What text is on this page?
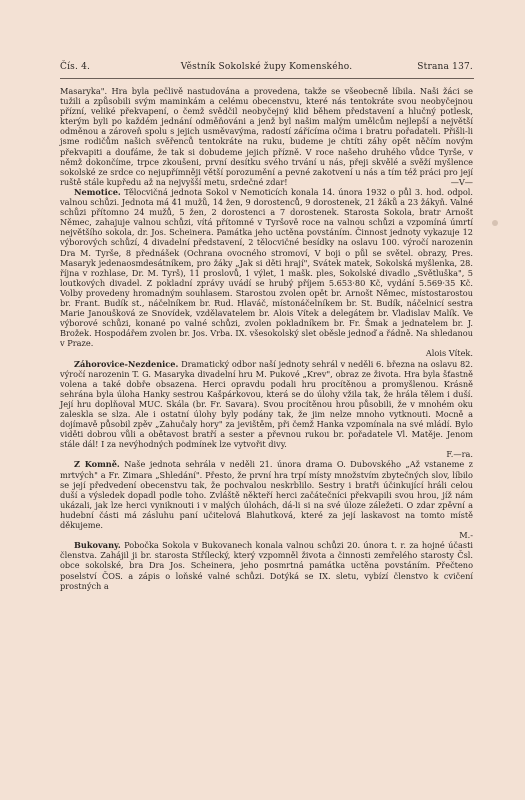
Čís. 4.	Věstník Sokolské župy Komenského.	Strana 137.

Masaryka". Hra byla pečlivě nastudována a provedena, takže se všeobecně líbila. Naši žáci se tužili a způsobili svým maminkám a celému obecenstvu, které nás tentokráte svou neobyčejnou přízní, veliké překvapení, o čemž svědčil neobyčejný klid během představení a hlučný potlesk, kterým byli po každém jednání odměňováni a jenž byl našim malým umělcům nejlepší a největší odměnou a zároveň spolu s jejich usměvavýma, radostí zářícíma očima i bratru pořadateli. Přišli-li jsme rodičům našich svěřenců tentokráte na ruku, budeme je chtíti záhy opět něčím novým překvapiti a doufáme, že tak si dobudeme jejich přízně. V roce našeho druhého vůdce Tyrše, v němž dokončíme, trpce zkoušeni, první desítku svého trvání u nás, přeji skvělé a svěží myšlence sokolské ze srdce co nejupřímněji větší porozumění a pevné zakotvení u nás a tím též práci pro její ruště stále kupředu až na nejvyšší metu, srdečné zdar!	—V—

Nemotice. Tělocvičná jednota Sokol v Nemoticích konala 14. února 1932 o půl 3. hod. odpol. valnou schůzi. Jednota má 41 mužů, 14 žen, 9 dorostenců, 9 dorostenek, 21 žáků a 23 žákyň. Valné schůzi přítomno 24 mužů, 5 žen, 2 dorostenci a 7 dorostenek. Starosta Sokola, bratr Arnošt Němec, zahajuje valnou schůzi, vítá přítomné v Tyršově roce na valnou schůzi a vzpomíná úmrtí největšího sokola, dr. Jos. Scheinera. Památka jeho uctěna povstáním. Činnost jednoty vykazuje 12 výborových schůzí, 4 divadelní představení, 2 tělocvičné besídky na oslavu 100. výročí narozenin Dra M. Tyrše, 8 přednášek (Ochrana ovocného stromoví, V boji o půl se světel. obrazy, Pres. Masaryk jedenaosmdesátníkem, pro žáky „Jak si děti hrají", Svátek matek, Sokolská myšlenka, 28. října v rozhlase, Dr. M. Tyrš), 11 proslovů, 1 výlet, 1 mašk. ples, Sokolské divadlo „Světluška", 5 loutkových divadel. Z pokladní zprávy uvádí se hrubý příjem 5.653·80 Kč, vydání 5.569·35 Kč. Volby provedeny hromadným souhlasem. Starostou zvolen opět br. Arnošt Němec, místostarostou br. Frant. Budík st., náčelníkem br. Rud. Hlaváč, místonáčelníkem br. St. Budík, náčelnicí sestra Marie Janoušková ze Snovídek, vzdělavatelem br. Alois Vítek a delegátem br. Vladislav Malík. Ve výborové schůzi, konané po valné schůzi, zvolen pokladníkem br. Fr. Šmak a jednatelem br. J. Brožek. Hospodářem zvolen br. Jos. Vrba. IX. všesokolský slet oběsle jednoď a řádně. Na shledanou v Praze.

Alois Vítek.

Záhorovice-Nezdenice. Dramatický odbor naší jednoty sehrál v neděli 6. března na oslavu 82. výročí narozenin T. G. Masaryka divadelní hru M. Pukové „Krev", obraz ze života. Hra byla šťastně volena a také dobře obsazena. Herci opravdu podali hru procítěnou a promyšlenou. Krásně sehrána byla úloha Hanky sestrou Kašpárkovou, která se do úlohy vžila tak, že hrála tělem i duší. Její hru doplňoval MUC. Skála (br. Fr. Savara). Svou procítěnou hrou působili, že v mnohém oku zaleskla se slza. Ale i ostatní úlohy byly podány tak, že jim nelze mnoho vytknouti. Mocně a dojímavě působil zpěv „Zahučaly hory" za jevištěm, při čemž Hanka vzpomínala na své mládí. Bylo viděti dobrou vůli a obětavost bratří a sester a převnou rukou br. pořadatele Vl. Matěje. Jenom stále dál! I za nevýhodných podmínek lze vytvořit divy.

F.—ra.

Z Komně. Naše jednota sehrála v neděli 21. února drama O. Dubovského „Až vstaneme z mrtvých" a Fr. Zimara „Shledání". Přesto, že první hra trpí místy množstvím zbytečných slov, líbilo se její předvedení obecenstvu tak, že pochvalou neskrblilo. Sestry i bratři účinkující hráli celou duší a výsledek dopadl podle toho. Zvláště někteří herci začátečníci překvapili svou hrou, jíž nám ukázali, jak lze herci vyniknouti i v malých úlohách, dá-li si na své úloze záležeti. O zdar zpěvní a hudební části má zásluhu paní učitelová Blahutková, které za její laskavost na tomto místě děkujeme.

M.-

Bukovany. Pobočka Sokola v Bukovanech konala valnou schůzi 20. února t. r. za hojné účasti členstva. Zahájil ji br. starosta Střílecký, který vzpomněl života a činnosti zemřelého starosty Čsl. obce sokolské, bra Dra Jos. Scheinera, jeho posmrtná památka uctěna povstáním. Přečteno poselství ČOS. a zápis o loňské valné schůzi. Dotýká se IX. sletu, vybízí členstvo k cvičení prostných a
